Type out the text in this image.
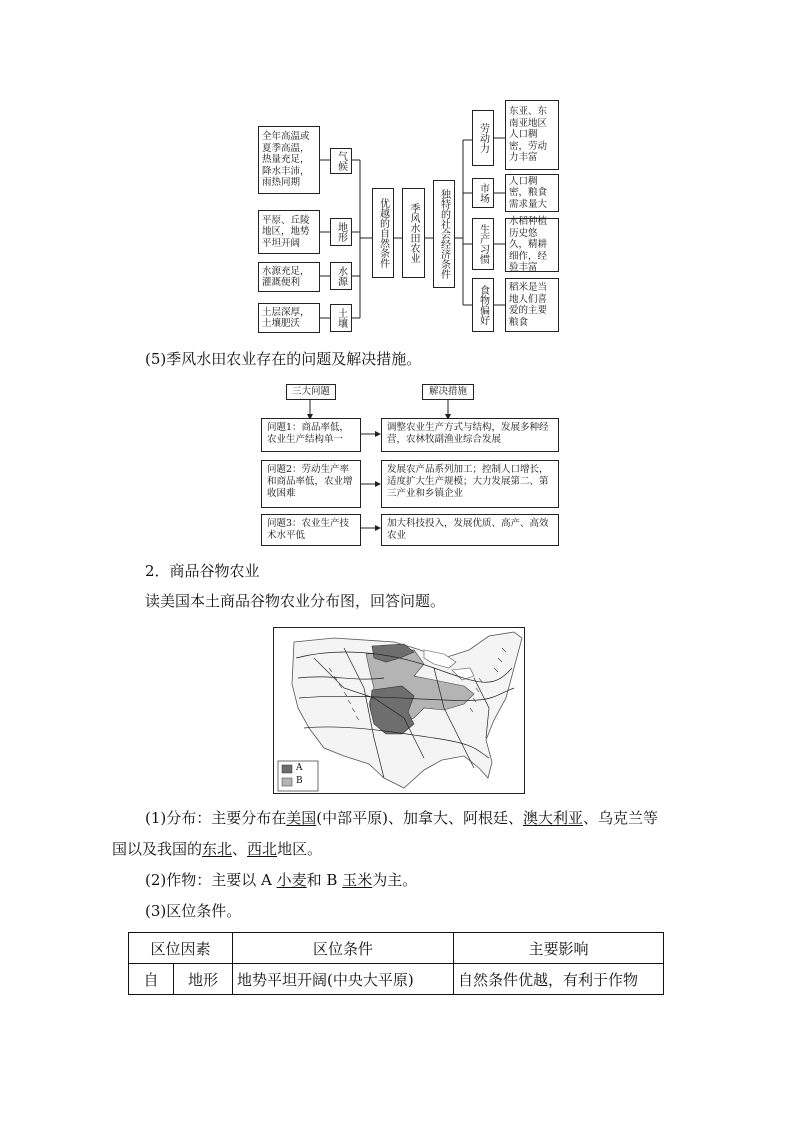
全年高温或夏季高温，热量充足，降水丰沛，雨热同期
平原、丘陵地区，地势平坦开阔
水源充足，灌溉便利
土层深厚，土壤肥沃
气候
地形
水源
土壤
优越的自然条件	季风水田农业	独特的社会经济条件
劳动力
市场
生产习惯
食物偏好
东亚、东南亚地区人口稠密，劳动力丰富
人口稠密，粮食需求量大
水稻种植历史悠久，精耕细作，经验丰富
稻米是当地人们喜爱的主要粮食
(5)季风水田农业存在的问题及解决措施。
三大问题	解决措施
问题1：商品率低，农业生产结构单一
问题2：劳动生产率和商品率低，农业增收困难
问题3：农业生产技术水平低
调整农业生产方式与结构，发展多种经营，农林牧副渔业综合发展
发展农产品系列加工；控制人口增长，适度扩大生产规模；大力发展第二、第三产业和乡镇企业
加大科技投入，发展优质、高产、高效农业
2．商品谷物农业
读美国本土商品谷物农业分布图，回答问题。
A
B
(1)分布：主要分布在美国(中部平原)、加拿大、阿根廷、澳大利亚、乌克兰等
国以及我国的东北、西北地区。
(2)作物：主要以 A 小麦和 B 玉米为主。
(3)区位条件。
区位因素		区位条件	主要影响
自	地形	地势平坦开阔(中央大平原)	自然条件优越，有利于作物
